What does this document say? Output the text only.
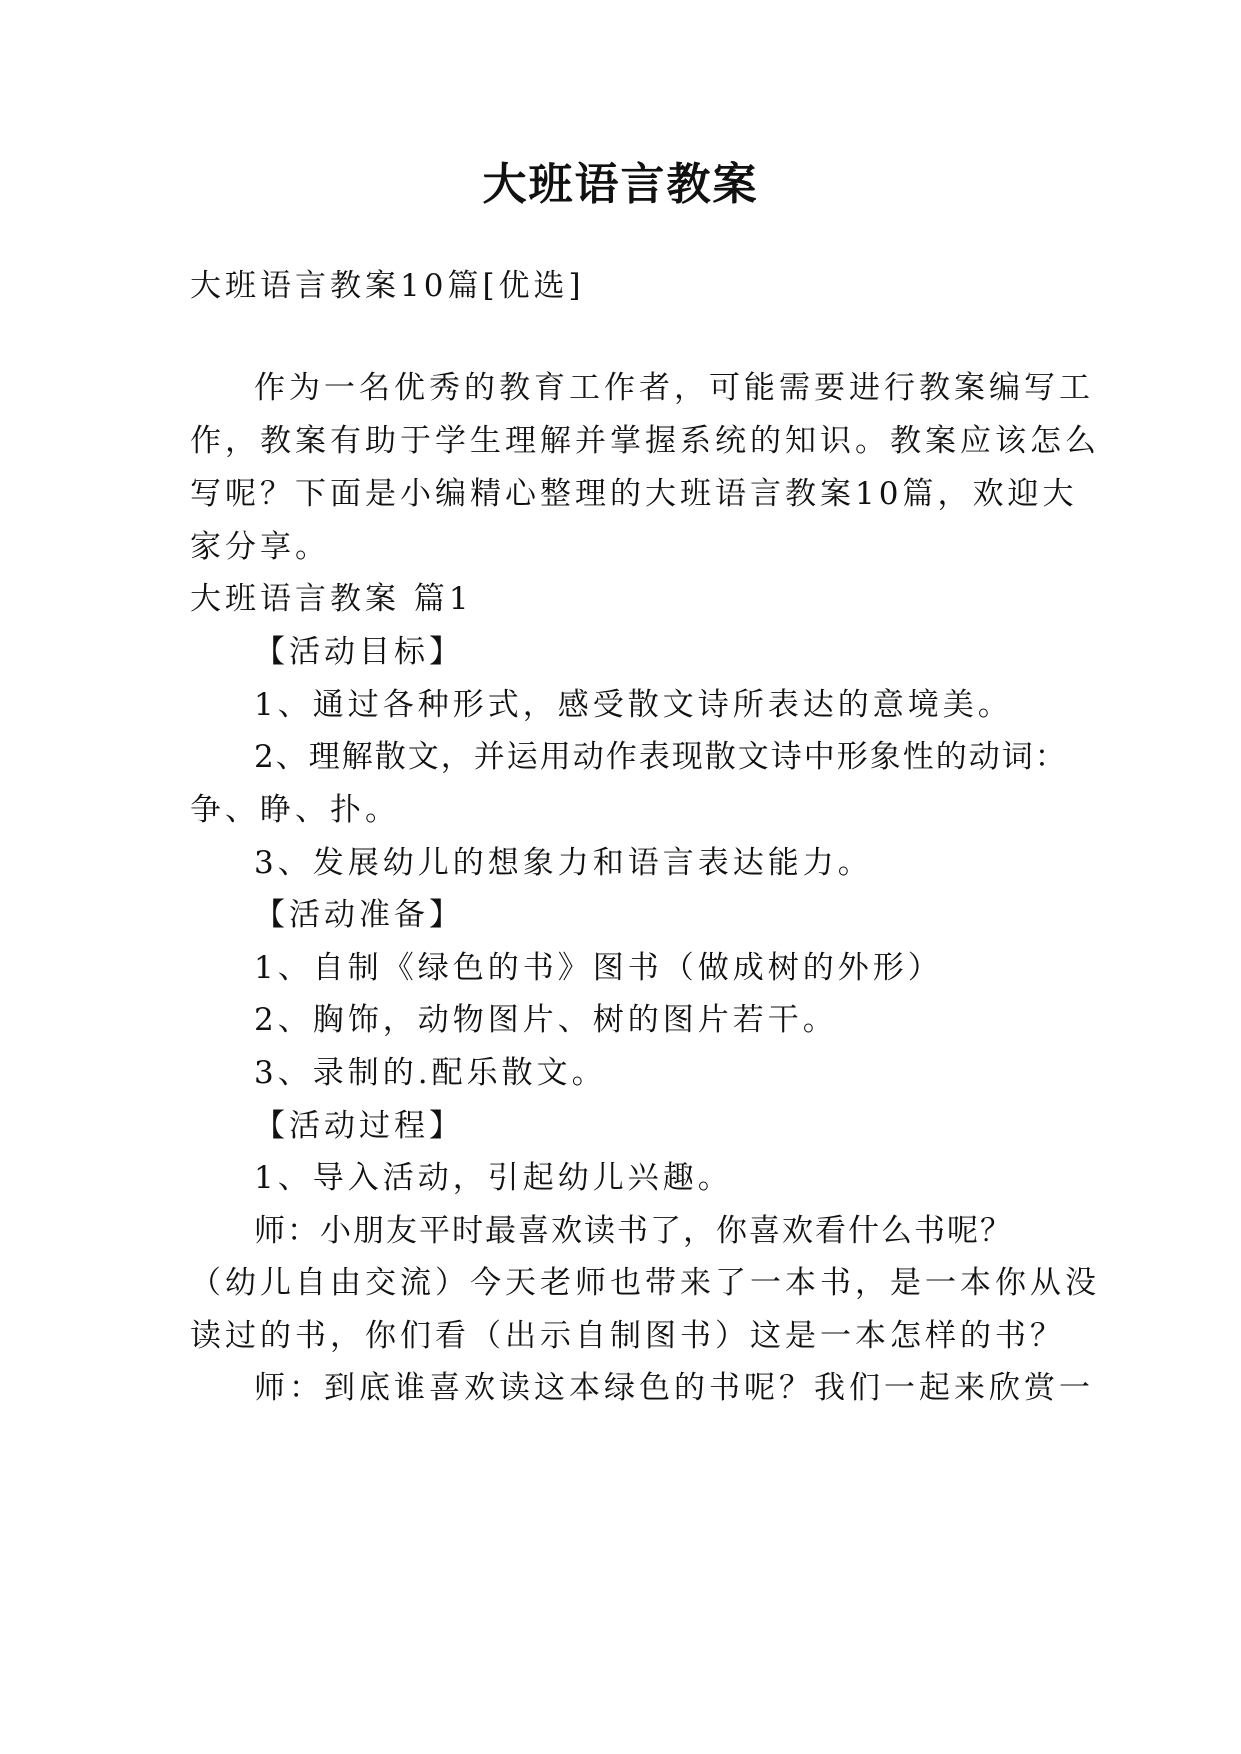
大班语言教案

大班语言教案10篇[优选]

作为一名优秀的教育工作者，可能需要进行教案编写工

作，教案有助于学生理解并掌握系统的知识。教案应该怎么

写呢？下面是小编精心整理的大班语言教案10篇，欢迎大

家分享。

大班语言教案 篇1

【活动目标】

1、通过各种形式，感受散文诗所表达的意境美。

2、理解散文，并运用动作表现散文诗中形象性的动词：

争、睁、扑。

3、发展幼儿的想象力和语言表达能力。

【活动准备】

1、自制《绿色的书》图书（做成树的外形）

2、胸饰，动物图片、树的图片若干。

3、录制的.配乐散文。

【活动过程】

1、导入活动，引起幼儿兴趣。

师：小朋友平时最喜欢读书了，你喜欢看什么书呢？

（幼儿自由交流）今天老师也带来了一本书，是一本你从没

读过的书，你们看（出示自制图书）这是一本怎样的书？

师：到底谁喜欢读这本绿色的书呢？我们一起来欣赏一
